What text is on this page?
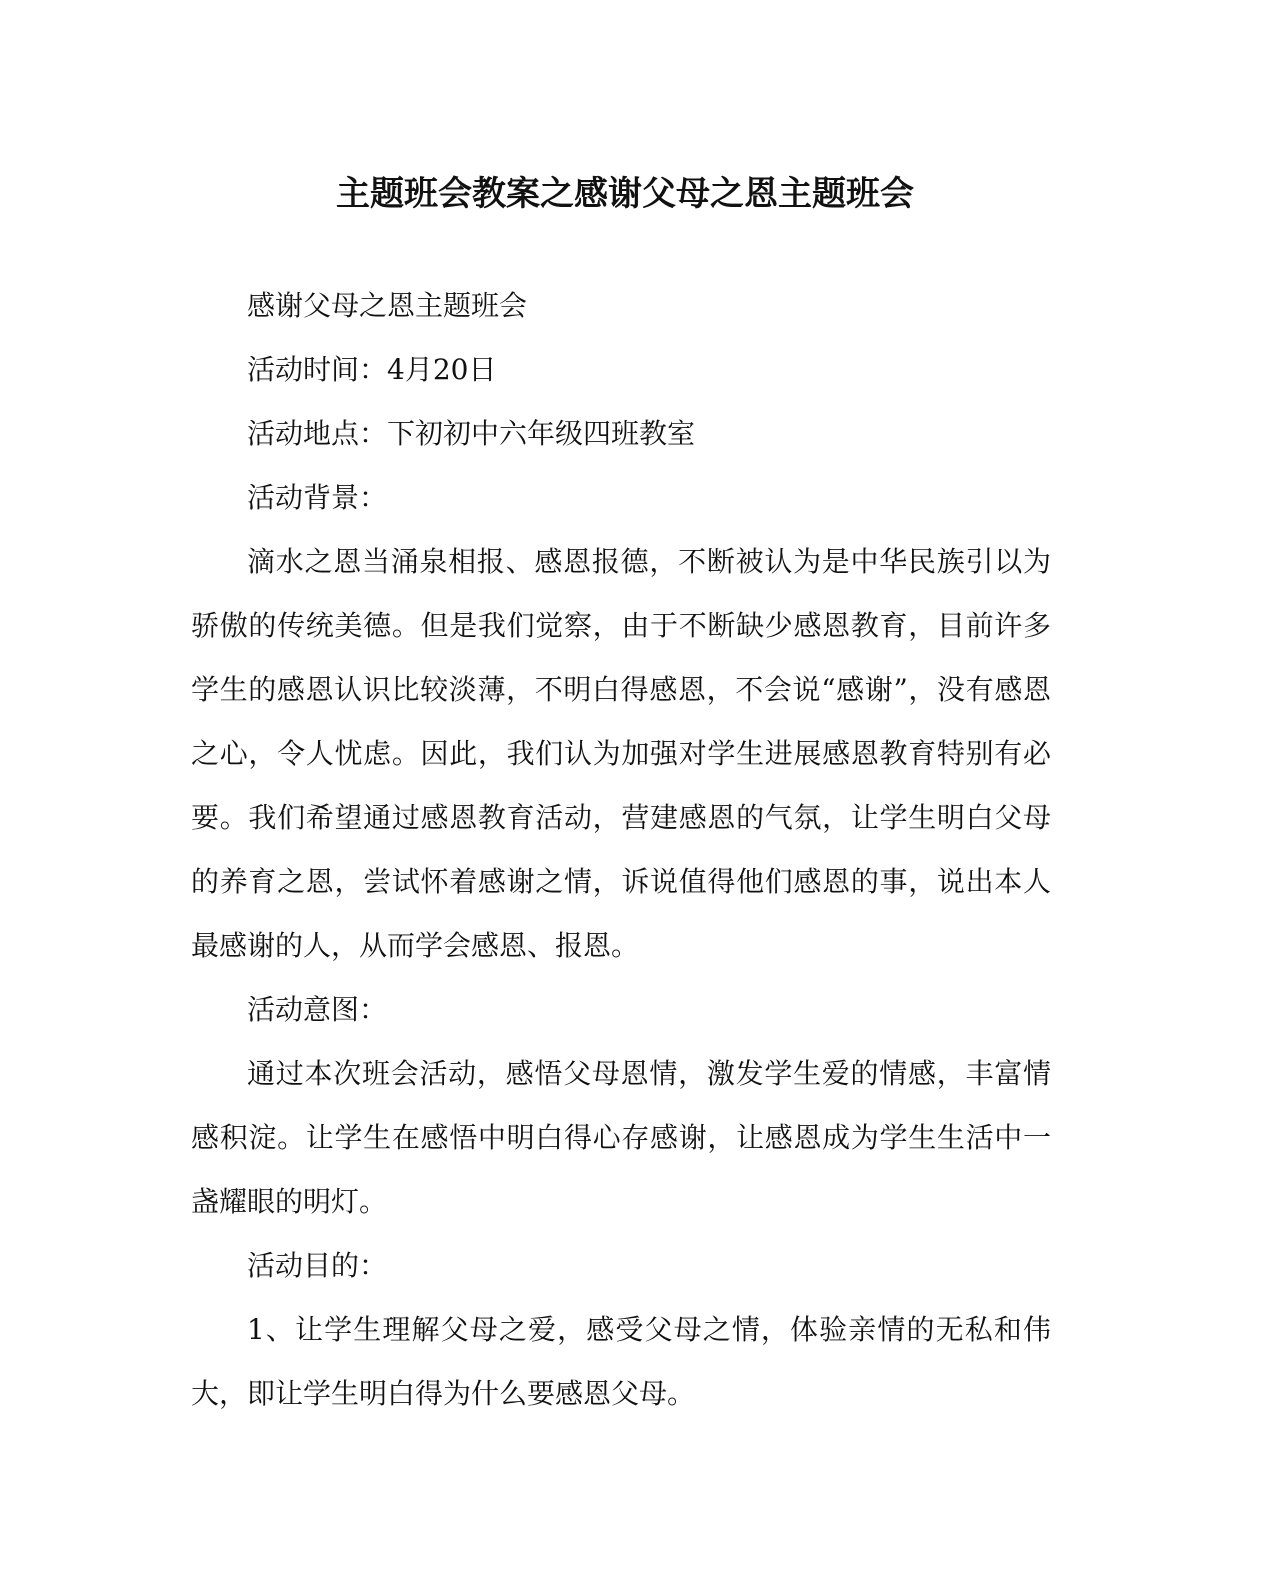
主题班会教案之感谢父母之恩主题班会

感谢父母之恩主题班会

活动时间：4月20日

活动地点：下初初中六年级四班教室

活动背景：

滴水之恩当涌泉相报、感恩报德，不断被认为是中华民族引以为骄傲的传统美德。但是我们觉察，由于不断缺少感恩教育，目前许多学生的感恩认识比较淡薄，不明白得感恩，不会说“感谢”，没有感恩之心，令人忧虑。因此，我们认为加强对学生进展感恩教育特别有必要。我们希望通过感恩教育活动，营建感恩的气氛，让学生明白父母的养育之恩，尝试怀着感谢之情，诉说值得他们感恩的事，说出本人最感谢的人，从而学会感恩、报恩。

活动意图：

通过本次班会活动，感悟父母恩情，激发学生爱的情感，丰富情感积淀。让学生在感悟中明白得心存感谢，让感恩成为学生生活中一盏耀眼的明灯。

活动目的：

1、让学生理解父母之爱，感受父母之情，体验亲情的无私和伟大，即让学生明白得为什么要感恩父母。
